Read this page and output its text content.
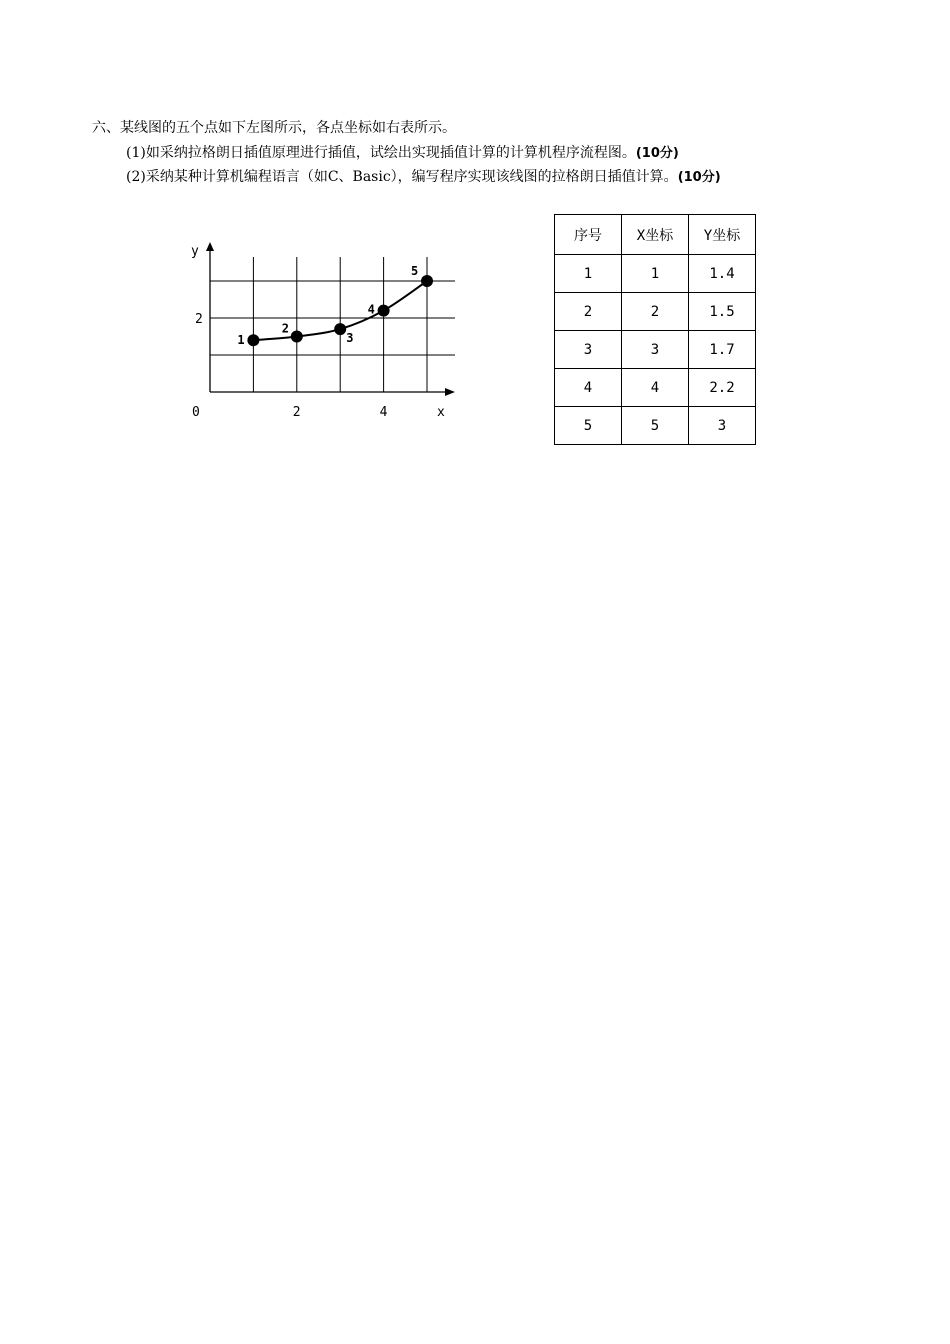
六、某线图的五个点如下左图所示，各点坐标如右表所示。
(1)如采纳拉格朗日插值原理进行插值，试绘出实现插值计算的计算机程序流程图。(10分)
(2)采纳某种计算机编程语言（如C、Basic），编写程序实现该线图的拉格朗日插值计算。(10分)
y
x
0	2	4
2
1
2
3
4
5
序号	X坐标	Y坐标
1	1	1.4
2	2	1.5
3	3	1.7
4	4	2.2
5	5	3
